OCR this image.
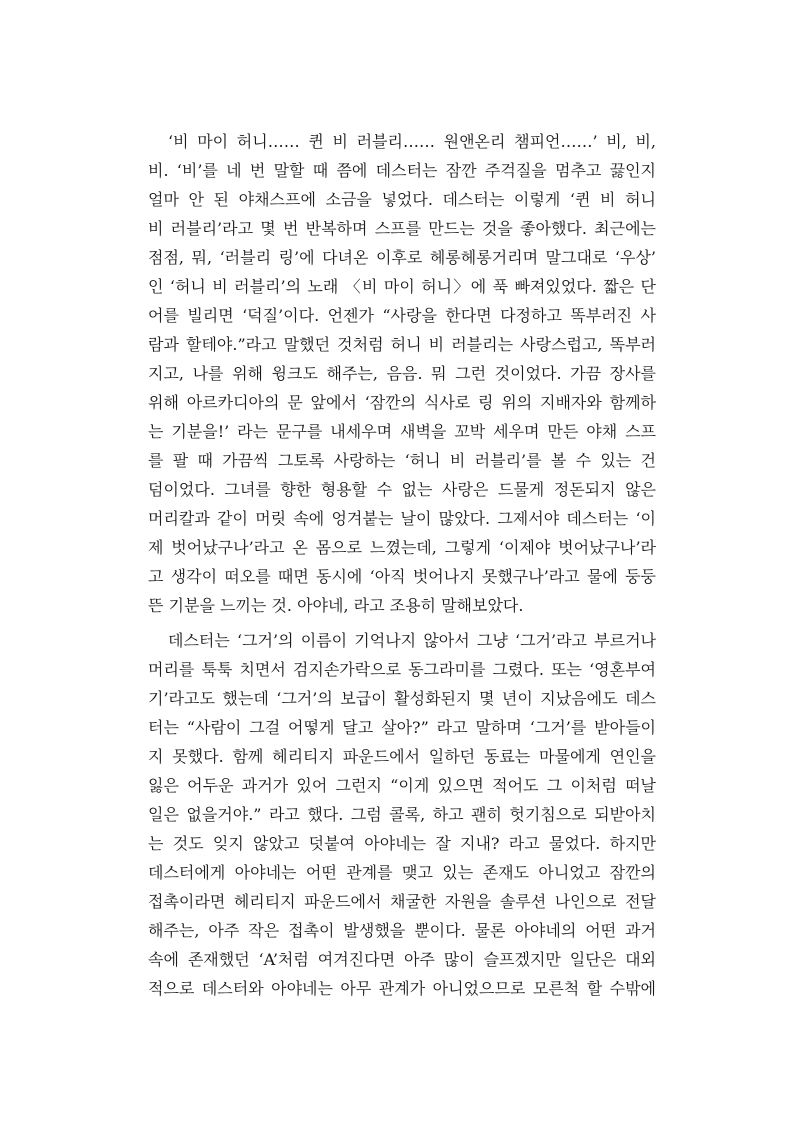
‘비 마이 허니…… 퀸 비 러블리…… 원앤온리 챔피언……’ 비, 비,
비. ‘비’를 네 번 말할 때 쯤에 데스터는 잠깐 주걱질을 멈추고 끓인지
얼마 안 된 야채스프에 소금을 넣었다. 데스터는 이렇게 ‘퀸 비 허니
비 러블리’라고 몇 번 반복하며 스프를 만드는 것을 좋아했다. 최근에는
점점, 뭐, ‘러블리 링’에 다녀온 이후로 헤롱헤롱거리며 말그대로 ‘우상’
인 ‘허니 비 러블리’의 노래 〈비 마이 허니〉에 푹 빠져있었다. 짧은 단
어를 빌리면 ‘덕질’이다. 언젠가 “사랑을 한다면 다정하고 똑부러진 사
람과 할테야.”라고 말했던 것처럼 허니 비 러블리는 사랑스럽고, 똑부러
지고, 나를 위해 윙크도 해주는, 음음. 뭐 그런 것이었다. 가끔 장사를
위해 아르카디아의 문 앞에서 ‘잠깐의 식사로 링 위의 지배자와 함께하
는 기분을!’ 라는 문구를 내세우며 새벽을 꼬박 세우며 만든 야채 스프
를 팔 때 가끔씩 그토록 사랑하는 ‘허니 비 러블리’를 볼 수 있는 건
덤이었다. 그녀를 향한 형용할 수 없는 사랑은 드물게 정돈되지 않은
머리칼과 같이 머릿 속에 엉겨붙는 날이 많았다. 그제서야 데스터는 ‘이
제 벗어났구나’라고 온 몸으로 느꼈는데, 그렇게 ‘이제야 벗어났구나’라
고 생각이 떠오를 때면 동시에 ‘아직 벗어나지 못했구나’라고 물에 둥둥
뜬 기분을 느끼는 것. 아야네, 라고 조용히 말해보았다.
데스터는 ‘그거’의 이름이 기억나지 않아서 그냥 ‘그거’라고 부르거나
머리를 툭툭 치면서 검지손가락으로 동그라미를 그렸다. 또는 ‘영혼부여
기’라고도 했는데 ‘그거’의 보급이 활성화된지 몇 년이 지났음에도 데스
터는 “사람이 그걸 어떻게 달고 살아?” 라고 말하며 ‘그거’를 받아들이
지 못했다. 함께 헤리티지 파운드에서 일하던 동료는 마물에게 연인을
잃은 어두운 과거가 있어 그런지 “이게 있으면 적어도 그 이처럼 떠날
일은 없을거야.” 라고 했다. 그럼 콜록, 하고 괜히 헛기침으로 되받아치
는 것도 잊지 않았고 덧붙여 아야네는 잘 지내? 라고 물었다. 하지만
데스터에게 아야네는 어떤 관계를 맺고 있는 존재도 아니었고 잠깐의
접촉이라면 헤리티지 파운드에서 채굴한 자원을 솔루션 나인으로 전달
해주는, 아주 작은 접촉이 발생했을 뿐이다. 물론 아야네의 어떤 과거
속에 존재했던 ‘A’처럼 여겨진다면 아주 많이 슬프겠지만 일단은 대외
적으로 데스터와 아야네는 아무 관계가 아니었으므로 모른척 할 수밖에
